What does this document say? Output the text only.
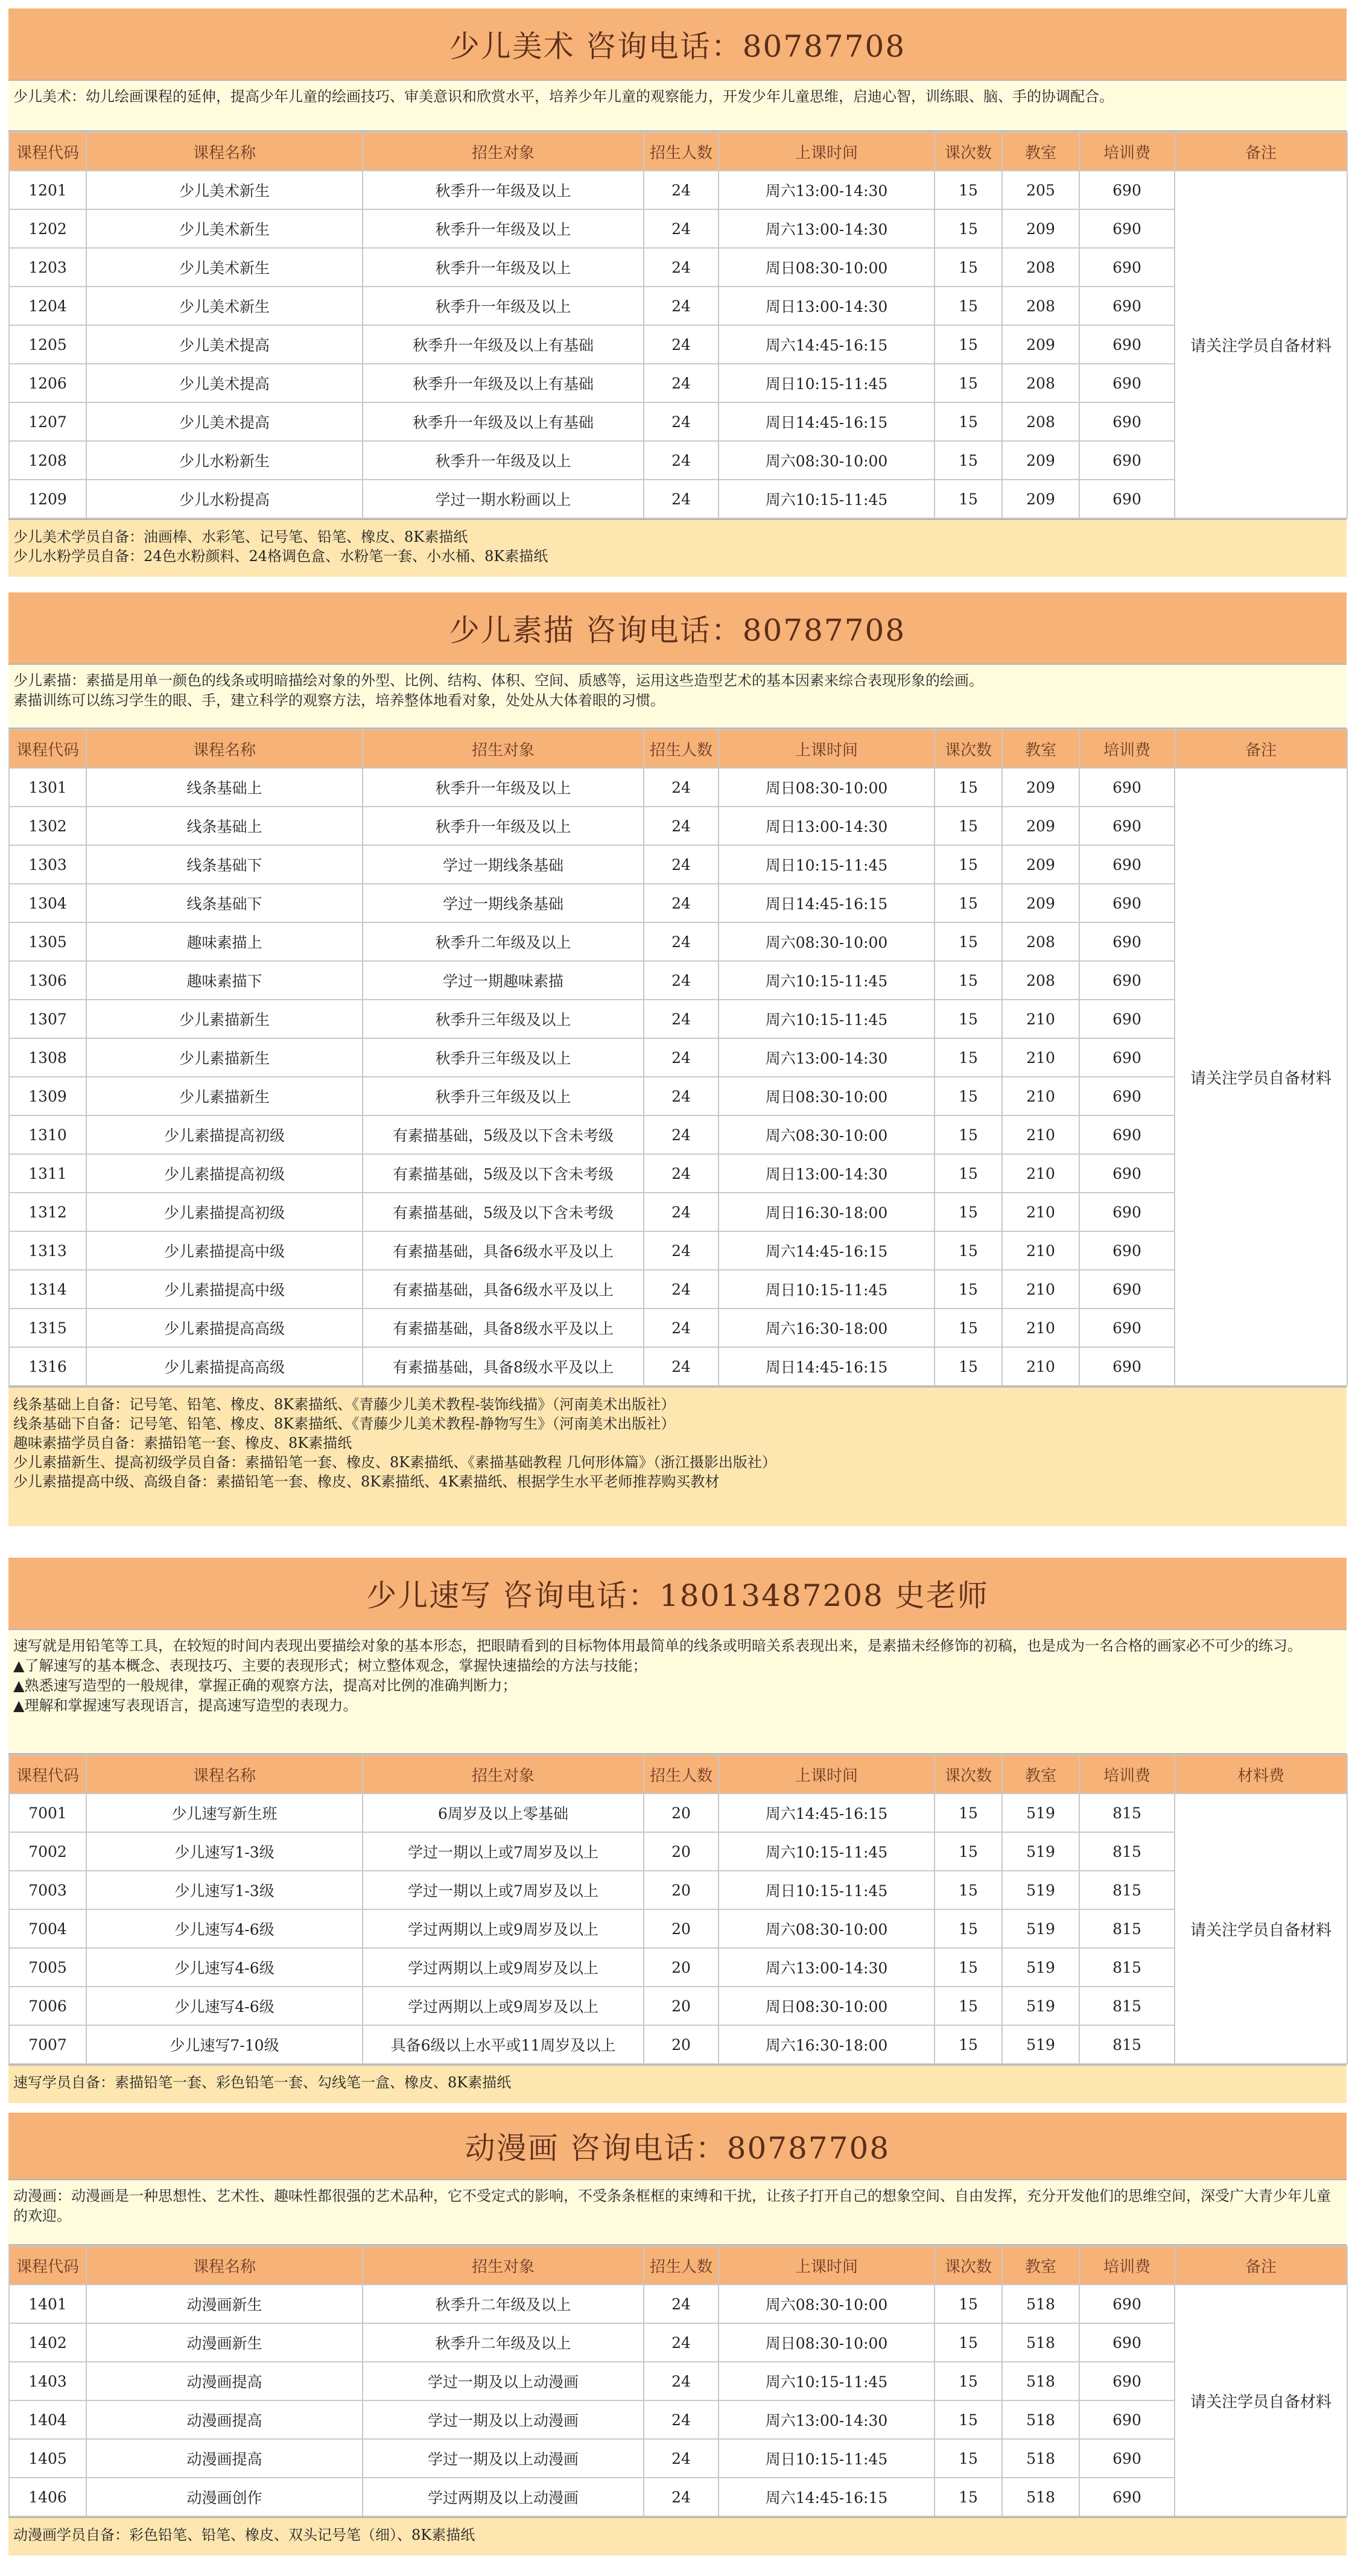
少儿美术 咨询电话：80787708
少儿美术：幼儿绘画课程的延伸，提高少年儿童的绘画技巧、审美意识和欣赏水平，培养少年儿童的观察能力，开发少年儿童思维，启迪心智，训练眼、脑、手的协调配合。
课程代码	课程名称	招生对象	招生人数	上课时间	课次数	教室	培训费	备注
1201	少儿美术新生	秋季升一年级及以上	24	周六13:00-14:30	15	205	690	请关注学员自备材料
1202	少儿美术新生	秋季升一年级及以上	24	周六13:00-14:30	15	209	690	
1203	少儿美术新生	秋季升一年级及以上	24	周日08:30-10:00	15	208	690	
1204	少儿美术新生	秋季升一年级及以上	24	周日13:00-14:30	15	208	690	
1205	少儿美术提高	秋季升一年级及以上有基础	24	周六14:45-16:15	15	209	690	
1206	少儿美术提高	秋季升一年级及以上有基础	24	周日10:15-11:45	15	208	690	
1207	少儿美术提高	秋季升一年级及以上有基础	24	周日14:45-16:15	15	208	690	
1208	少儿水粉新生	秋季升一年级及以上	24	周六08:30-10:00	15	209	690	
1209	少儿水粉提高	学过一期水粉画以上	24	周六10:15-11:45	15	209	690	
少儿美术学员自备：油画棒、水彩笔、记号笔、铅笔、橡皮、8K素描纸
少儿水粉学员自备：24色水粉颜料、24格调色盒、水粉笔一套、小水桶、8K素描纸
少儿素描 咨询电话：80787708
少儿素描：素描是用单一颜色的线条或明暗描绘对象的外型、比例、结构、体积、空间、质感等，运用这些造型艺术的基本因素来综合表现形象的绘画。
素描训练可以练习学生的眼、手，建立科学的观察方法，培养整体地看对象，处处从大体着眼的习惯。
课程代码	课程名称	招生对象	招生人数	上课时间	课次数	教室	培训费	备注
1301	线条基础上	秋季升一年级及以上	24	周日08:30-10:00	15	209	690	请关注学员自备材料
1302	线条基础上	秋季升一年级及以上	24	周日13:00-14:30	15	209	690	
1303	线条基础下	学过一期线条基础	24	周日10:15-11:45	15	209	690	
1304	线条基础下	学过一期线条基础	24	周日14:45-16:15	15	209	690	
1305	趣味素描上	秋季升二年级及以上	24	周六08:30-10:00	15	208	690	
1306	趣味素描下	学过一期趣味素描	24	周六10:15-11:45	15	208	690	
1307	少儿素描新生	秋季升三年级及以上	24	周六10:15-11:45	15	210	690	
1308	少儿素描新生	秋季升三年级及以上	24	周六13:00-14:30	15	210	690	
1309	少儿素描新生	秋季升三年级及以上	24	周日08:30-10:00	15	210	690	
1310	少儿素描提高初级	有素描基础，5级及以下含未考级	24	周六08:30-10:00	15	210	690	
1311	少儿素描提高初级	有素描基础，5级及以下含未考级	24	周日13:00-14:30	15	210	690	
1312	少儿素描提高初级	有素描基础，5级及以下含未考级	24	周日16:30-18:00	15	210	690	
1313	少儿素描提高中级	有素描基础，具备6级水平及以上	24	周六14:45-16:15	15	210	690	
1314	少儿素描提高中级	有素描基础，具备6级水平及以上	24	周日10:15-11:45	15	210	690	
1315	少儿素描提高高级	有素描基础，具备8级水平及以上	24	周六16:30-18:00	15	210	690	
1316	少儿素描提高高级	有素描基础，具备8级水平及以上	24	周日14:45-16:15	15	210	690	
线条基础上自备：记号笔、铅笔、橡皮、8K素描纸、《青藤少儿美术教程-装饰线描》（河南美术出版社）
线条基础下自备：记号笔、铅笔、橡皮、8K素描纸、《青藤少儿美术教程-静物写生》（河南美术出版社）
趣味素描学员自备：素描铅笔一套、橡皮、8K素描纸
少儿素描新生、提高初级学员自备：素描铅笔一套、橡皮、8K素描纸、《素描基础教程 几何形体篇》（浙江摄影出版社）
少儿素描提高中级、高级自备：素描铅笔一套、橡皮、8K素描纸、4K素描纸、根据学生水平老师推荐购买教材
少儿速写 咨询电话：18013487208 史老师
速写就是用铅笔等工具，在较短的时间内表现出要描绘对象的基本形态，把眼睛看到的目标物体用最简单的线条或明暗关系表现出来，是素描未经修饰的初稿，也是成为一名合格的画家必不可少的练习。
▲了解速写的基本概念、表现技巧、主要的表现形式；树立整体观念，掌握快速描绘的方法与技能；
▲熟悉速写造型的一般规律，掌握正确的观察方法，提高对比例的准确判断力；
▲理解和掌握速写表现语言，提高速写造型的表现力。
课程代码	课程名称	招生对象	招生人数	上课时间	课次数	教室	培训费	材料费
7001	少儿速写新生班	6周岁及以上零基础	20	周六14:45-16:15	15	519	815	请关注学员自备材料
7002	少儿速写1-3级	学过一期以上或7周岁及以上	20	周六10:15-11:45	15	519	815	
7003	少儿速写1-3级	学过一期以上或7周岁及以上	20	周日10:15-11:45	15	519	815	
7004	少儿速写4-6级	学过两期以上或9周岁及以上	20	周六08:30-10:00	15	519	815	
7005	少儿速写4-6级	学过两期以上或9周岁及以上	20	周六13:00-14:30	15	519	815	
7006	少儿速写4-6级	学过两期以上或9周岁及以上	20	周日08:30-10:00	15	519	815	
7007	少儿速写7-10级	具备6级以上水平或11周岁及以上	20	周六16:30-18:00	15	519	815	
速写学员自备：素描铅笔一套、彩色铅笔一套、勾线笔一盒、橡皮、8K素描纸
动漫画 咨询电话：80787708
动漫画：动漫画是一种思想性、艺术性、趣味性都很强的艺术品种，它不受定式的影响，不受条条框框的束缚和干扰，让孩子打开自己的想象空间、自由发挥，充分开发他们的思维空间，深受广大青少年儿童的欢迎。
课程代码	课程名称	招生对象	招生人数	上课时间	课次数	教室	培训费	备注
1401	动漫画新生	秋季升二年级及以上	24	周六08:30-10:00	15	518	690	请关注学员自备材料
1402	动漫画新生	秋季升二年级及以上	24	周日08:30-10:00	15	518	690	
1403	动漫画提高	学过一期及以上动漫画	24	周六10:15-11:45	15	518	690	
1404	动漫画提高	学过一期及以上动漫画	24	周六13:00-14:30	15	518	690	
1405	动漫画提高	学过一期及以上动漫画	24	周日10:15-11:45	15	518	690	
1406	动漫画创作	学过两期及以上动漫画	24	周六14:45-16:15	15	518	690	
动漫画学员自备：彩色铅笔、铅笔、橡皮、双头记号笔（细）、8K素描纸
